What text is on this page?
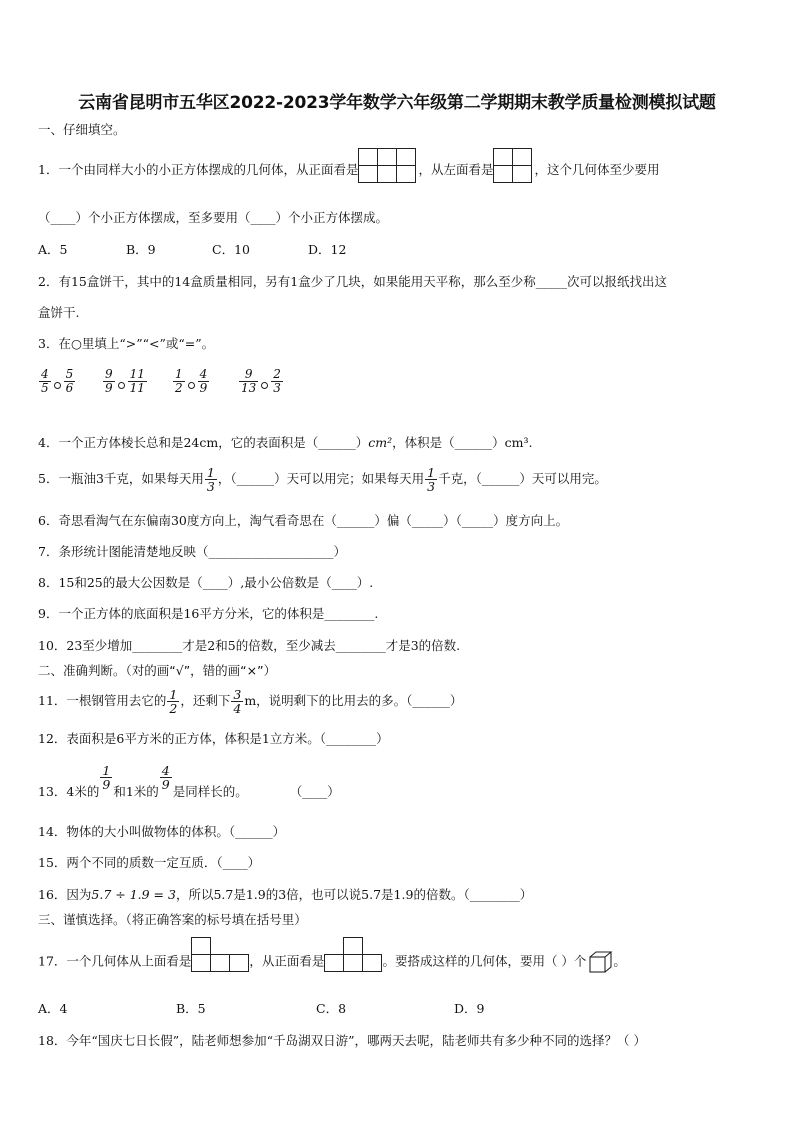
云南省昆明市五华区2022-2023学年数学六年级第二学期期末教学质量检测模拟试题
一、仔细填空。
1．一个由同样大小的小正方体摆成的几何体，从正面看是		
			，从左面看是	
		，这个几何体至少要用
（____）个小正方体摆成，至多要用（____）个小正方体摆成。
A．5	B．9	C．10	D．12
2．有15盒饼干，其中的14盒质量相同，另有1盒少了几块，如果能用天平称，那么至少称_____次可以报纸找出这
盒饼干.
3．在○里填上“>”“<”或“=”。
$\frac{4}{5} \frac{5}{6} \frac{9}{9} \frac{11}{11} \frac{1}{2} \frac{4}{9} \frac{9}{13} \frac{2}{3}$
4．一个正方体棱长总和是24cm，它的表面积是（______）cm²，体积是（______）cm³.
5．一瓶油3千克，如果每天用 $\frac{1}{3}$ ，（______）天可以用完；如果每天用 $\frac{1}{3}$ 千克，（______）天可以用完。
6．奇思看淘气在东偏南30度方向上，淘气看奇思在（______）偏（_____）（_____）度方向上。
7．条形统计图能清楚地反映（____________________）
8．15和25的最大公因数是（____）,最小公倍数是（____）.
9．一个正方体的底面积是16平方分米，它的体积是________.
10．23至少增加________才是2和5的倍数，至少减去________才是3的倍数.
二、准确判断。（对的画“√”，错的画“×”）
11．一根钢管用去它的 $\frac{1}{2}$ ，还剩下 $\frac{3}{4}$ m，说明剩下的比用去的多。（______）
12．表面积是6平方米的正方体，体积是1立方米。（________）
13．4米的
$\frac{1}{9}$
和1米的
$\frac{4}{9}$
是同样长的。	（____）
14．物体的大小叫做物体的体积。（______）
15．两个不同的质数一定互质．（____）
16．因为5.7 ÷ 1.9 = 3，所以5.7是1.9的3倍，也可以说5.7是1.9的倍数。（________）
三、谨慎选择。（将正确答案的标号填在括号里）
17．一个几何体从上面看是		
			，从正面看是		
			。要搭成这样的几何体，要用（ ）个 。
A．4	B．5	C．8	D．9
18．今年“国庆七日长假”，陆老师想参加“千岛湖双日游”，哪两天去呢，陆老师共有多少种不同的选择？（ ）
